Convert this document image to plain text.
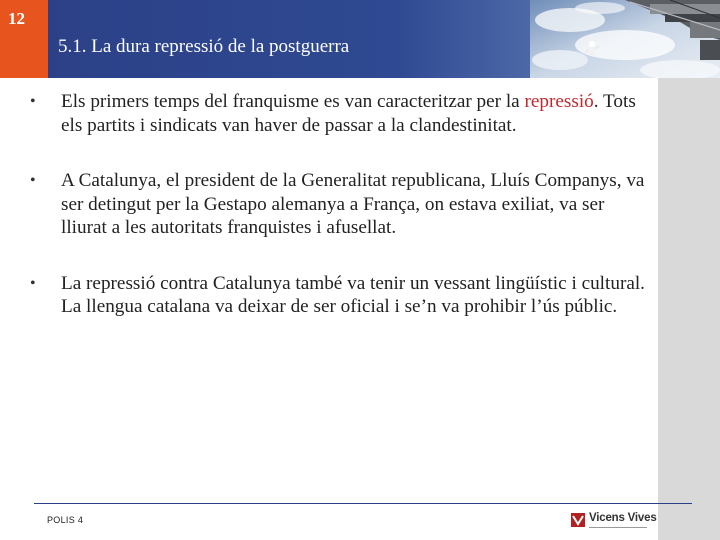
12
5.1. La dura repressió de la postguerra
•	Els primers temps del franquisme es van caracteritzar per la repressió. Tots els partits i sindicats van haver de passar a la clandestinitat.
•	A Catalunya, el president de la Generalitat republicana, Lluís Companys, va ser detingut per la Gestapo alemanya a França, on estava exiliat, va ser lliurat a les autoritats franquistes i afusellat.
•	La repressió contra Catalunya també va tenir un vessant lingüístic i cultural. La llengua catalana va deixar de ser oficial i se’n va prohibir l’ús públic.
POLIS 4	Vicens Vives
